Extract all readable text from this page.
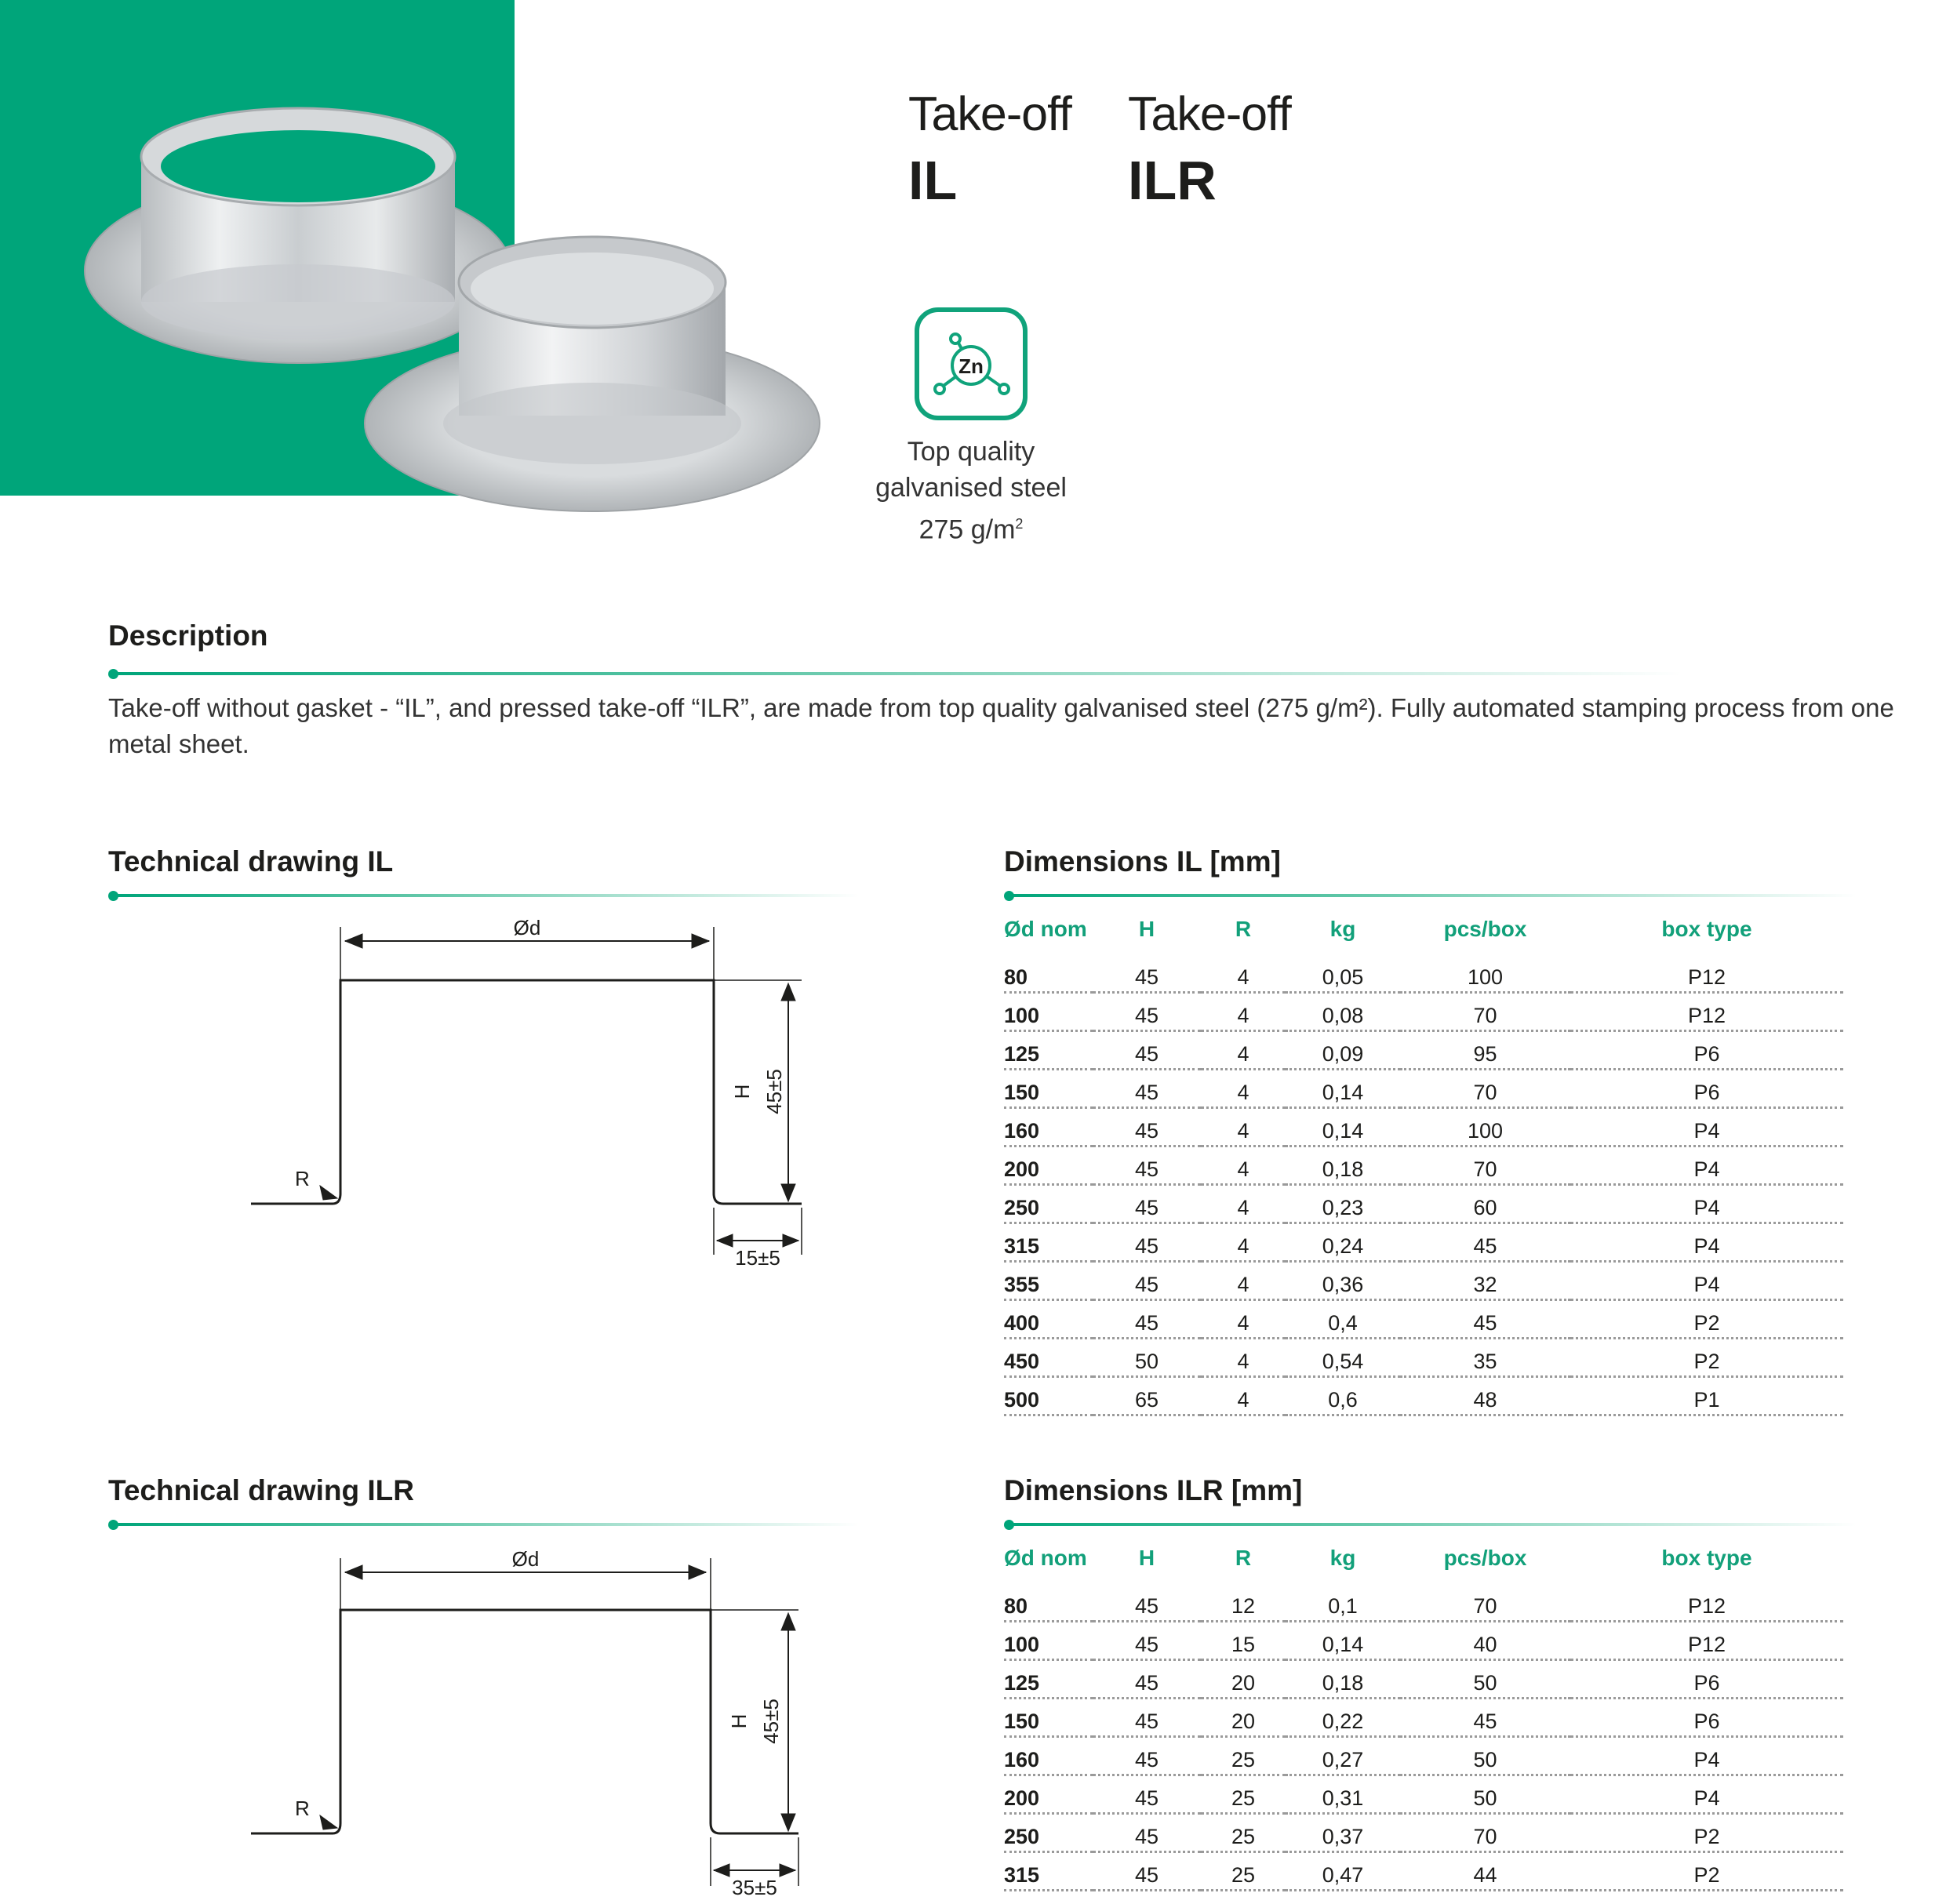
Take-off
IL
Take-off
ILR
Zn
Top quality
galvanised steel
275 $g/m^2$
Description
Take-off without gasket - “IL”, and pressed take-off “ILR”, are made from top quality galvanised steel (275 g/m²). Fully automated stamping process from one metal sheet.
Technical drawing IL
Ød
45±5
H
R
15±5
Dimensions IL [mm]
Ød nom	H	R	kg	pcs/box	box type

80	45	4	0,05	100	P12
100	45	4	0,08	70	P12
125	45	4	0,09	95	P6
150	45	4	0,14	70	P6
160	45	4	0,14	100	P4
200	45	4	0,18	70	P4
250	45	4	0,23	60	P4
315	45	4	0,24	45	P4
355	45	4	0,36	32	P4
400	45	4	0,4	45	P2
450	50	4	0,54	35	P2
500	65	4	0,6	48	P1
Technical drawing ILR
Ød
45±5
H
R
35±5
Dimensions ILR [mm]
Ød nom	H	R	kg	pcs/box	box type

80	45	12	0,1	70	P12
100	45	15	0,14	40	P12
125	45	20	0,18	50	P6
150	45	20	0,22	45	P6
160	45	25	0,27	50	P4
200	45	25	0,31	50	P4
250	45	25	0,37	70	P2
315	45	25	0,47	44	P2
